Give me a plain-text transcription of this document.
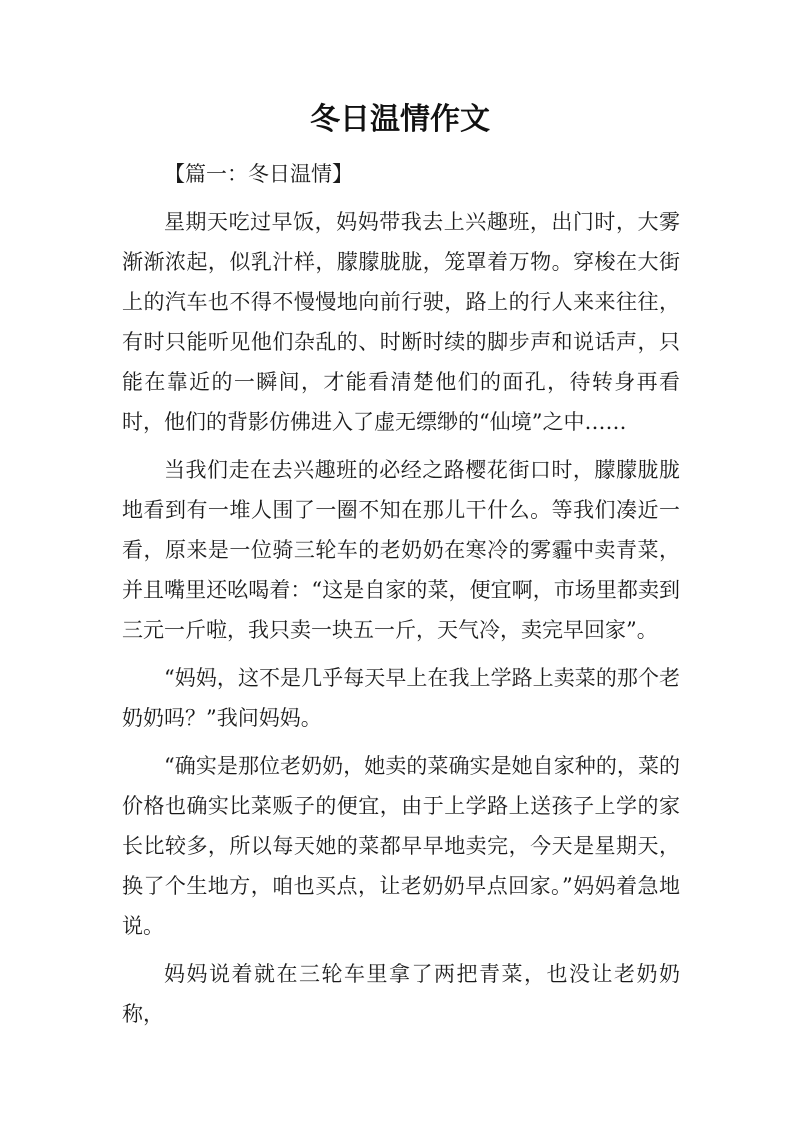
冬日温情作文

【篇一：冬日温情】

星期天吃过早饭，妈妈带我去上兴趣班，出门时，大雾渐渐浓起，似乳汁样，朦朦胧胧，笼罩着万物。穿梭在大街上的汽车也不得不慢慢地向前行驶，路上的行人来来往往，有时只能听见他们杂乱的、时断时续的脚步声和说话声，只能在靠近的一瞬间，才能看清楚他们的面孔，待转身再看时，他们的背影仿佛进入了虚无缥缈的“仙境”之中……

当我们走在去兴趣班的必经之路樱花街口时，朦朦胧胧地看到有一堆人围了一圈不知在那儿干什么。等我们凑近一看，原来是一位骑三轮车的老奶奶在寒冷的雾霾中卖青菜，并且嘴里还吆喝着：“这是自家的菜，便宜啊，市场里都卖到三元一斤啦，我只卖一块五一斤，天气冷，卖完早回家”。

“妈妈，这不是几乎每天早上在我上学路上卖菜的那个老奶奶吗？”我问妈妈。

“确实是那位老奶奶，她卖的菜确实是她自家种的，菜的价格也确实比菜贩子的便宜，由于上学路上送孩子上学的家长比较多，所以每天她的菜都早早地卖完，今天是星期天，换了个生地方，咱也买点，让老奶奶早点回家。”妈妈着急地说。

妈妈说着就在三轮车里拿了两把青菜，也没让老奶奶称，
